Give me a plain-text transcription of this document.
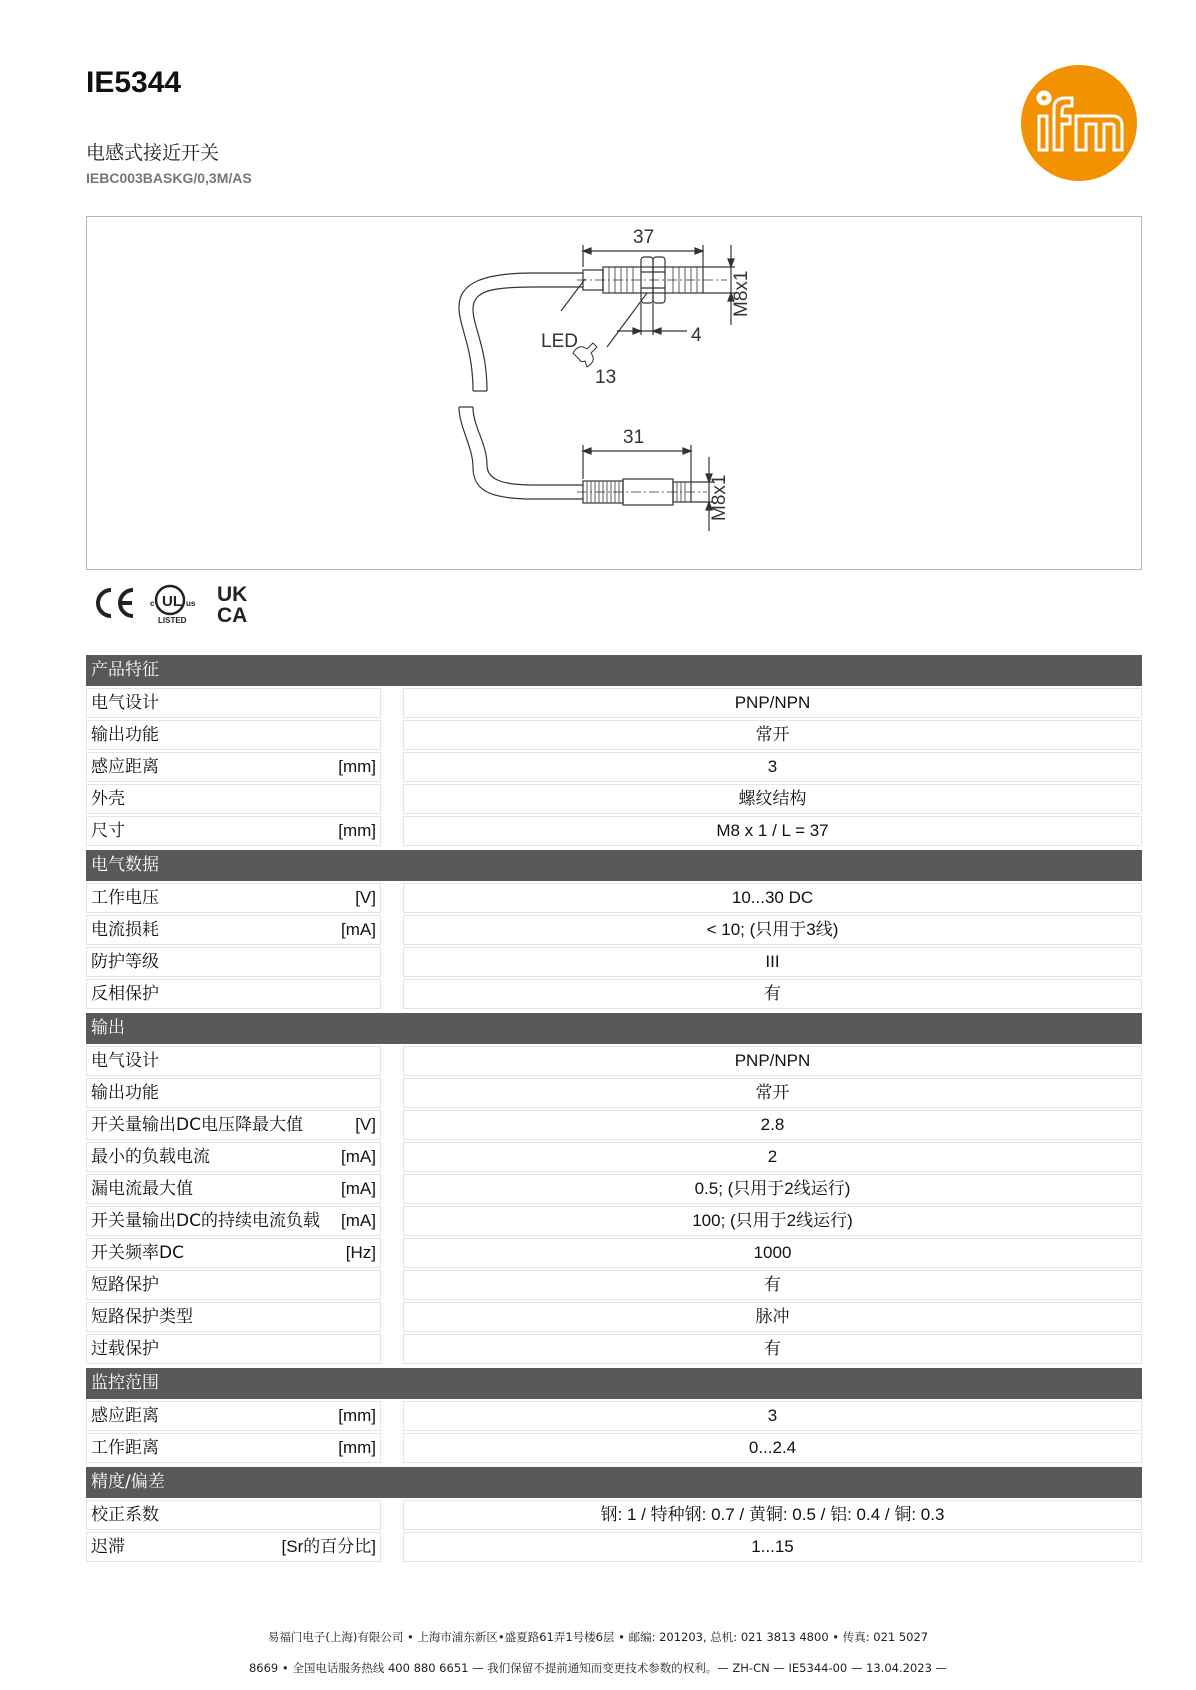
IE5344
电感式接近开关
IEBC003BASKG/0,3M/AS
37
LED
13
4
31
M8x1
M8x1
UL
c	us
LISTED
UK
CA
产品特征
电气设计	PNP/NPN
输出功能	常开
感应距离	[mm]	3
外壳	螺纹结构
尺寸	[mm]	M8 x 1 / L = 37
电气数据
工作电压	[V]	10...30 DC
电流损耗	[mA]	< 10; (只用于3线)
防护等级	III
反相保护	有
输出
电气设计	PNP/NPN
输出功能	常开
开关量输出DC电压降最大值	[V]	2.8
最小的负载电流	[mA]	2
漏电流最大值	[mA]	0.5; (只用于2线运行)
开关量输出DC的持续电流负载	[mA]	100; (只用于2线运行)
开关频率DC	[Hz]	1000
短路保护	有
短路保护类型	脉冲
过载保护	有
监控范围
感应距离	[mm]	3
工作距离	[mm]	0...2.4
精度/偏差
校正系数	钢: 1 / 特种钢: 0.7 / 黄铜: 0.5 / 铝: 0.4 / 铜: 0.3
迟滞	[Sr的百分比]	1...15
易福门电子(上海)有限公司 • 上海市浦东新区•盛夏路61弄1号楼6层 • 邮编: 201203, 总机: 021 3813 4800 • 传真: 021 5027
8669 • 全国电话服务热线 400 880 6651 — 我们保留不提前通知而变更技术参数的权利。— ZH-CN — IE5344-00 — 13.04.2023 —
